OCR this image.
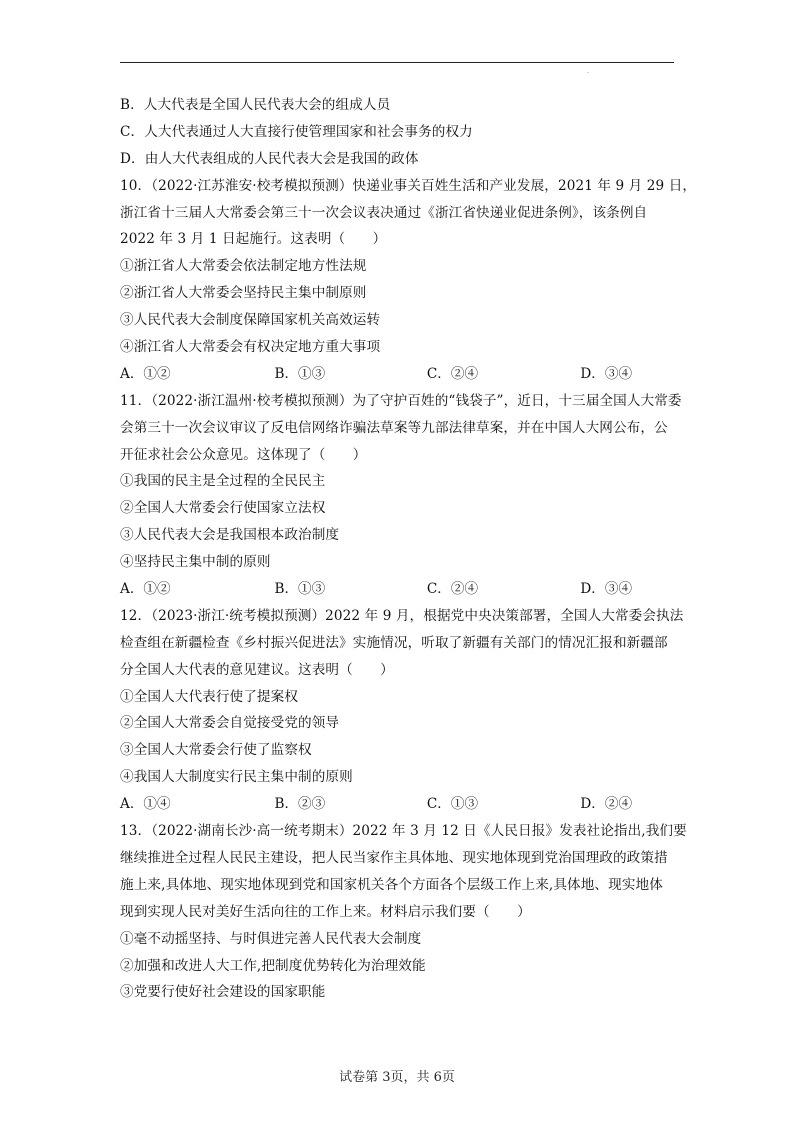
.
B．人大代表是全国人民代表大会的组成人员
C．人大代表通过人大直接行使管理国家和社会事务的权力
D．由人大代表组成的人民代表大会是我国的政体
10．（2022·江苏淮安·校考模拟预测）快递业事关百姓生活和产业发展，2021 年 9 月 29 日，
浙江省十三届人大常委会第三十一次会议表决通过《浙江省快递业促进条例》，该条例自
2022 年 3 月 1 日起施行。这表明（　　）
①浙江省人大常委会依法制定地方性法规
②浙江省人大常委会坚持民主集中制原则
③人民代表大会制度保障国家机关高效运转
④浙江省人大常委会有权决定地方重大事项
A．①②	B．①③	C．②④	D．③④
11．（2022·浙江温州·校考模拟预测）为了守护百姓的“钱袋子”，近日，十三届全国人大常委
会第三十一次会议审议了反电信网络诈骗法草案等九部法律草案，并在中国人大网公布，公
开征求社会公众意见。这体现了（　　）
①我国的民主是全过程的全民民主
②全国人大常委会行使国家立法权
③人民代表大会是我国根本政治制度
④坚持民主集中制的原则
A．①②	B．①③	C．②④	D．③④
12．（2023·浙江·统考模拟预测）2022 年 9 月，根据党中央决策部署，全国人大常委会执法
检查组在新疆检查《乡村振兴促进法》实施情况，听取了新疆有关部门的情况汇报和新疆部
分全国人大代表的意见建议。这表明（　　）
①全国人大代表行使了提案权
②全国人大常委会自觉接受党的领导
③全国人大常委会行使了监察权
④我国人大制度实行民主集中制的原则
A．①④	B．②③	C．①③	D．②④
13．（2022·湖南长沙·高一统考期末）2022 年 3 月 12 日《人民日报》发表社论指出,我们要
继续推进全过程人民民主建设，把人民当家作主具体地、现实地体现到党治国理政的政策措
施上来,具体地、现实地体现到党和国家机关各个方面各个层级工作上来,具体地、现实地体
现到实现人民对美好生活向往的工作上来。材料启示我们要（　　）
①毫不动摇坚持、与时俱进完善人民代表大会制度
②加强和改进人大工作,把制度优势转化为治理效能
③党要行使好社会建设的国家职能
试卷第 3页，共 6页
